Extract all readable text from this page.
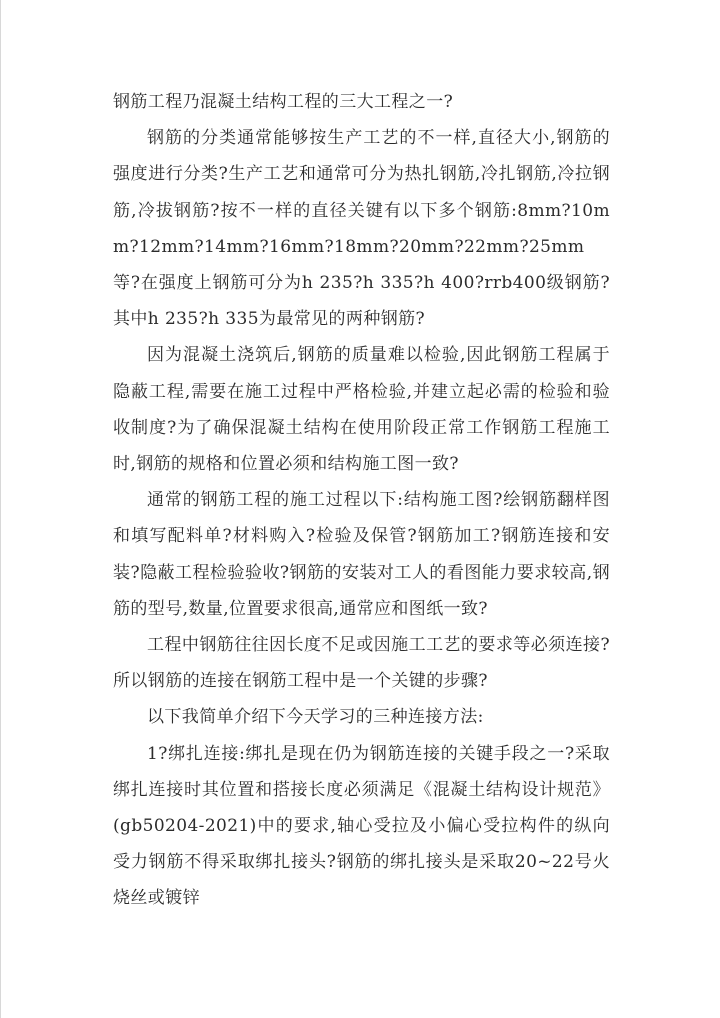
钢筋工程乃混凝土结构工程的三大工程之一?

钢筋的分类通常能够按生产工艺的不一样,直径大小,钢筋的强度进行分类?生产工艺和通常可分为热扎钢筋,冷扎钢筋,冷拉钢筋,冷拔钢筋?按不一样的直径关键有以下多个钢筋:8mm?10mm?12mm?14mm?16mm?18mm?20mm?22mm?25mm等?在强度上钢筋可分为h 235?h 335?h 400?rrb400级钢筋?其中h 235?h 335为最常见的两种钢筋?

因为混凝土浇筑后,钢筋的质量难以检验,因此钢筋工程属于隐蔽工程,需要在施工过程中严格检验,并建立起必需的检验和验收制度?为了确保混凝土结构在使用阶段正常工作钢筋工程施工时,钢筋的规格和位置必须和结构施工图一致?

通常的钢筋工程的施工过程以下:结构施工图?绘钢筋翻样图和填写配料单?材料购入?检验及保管?钢筋加工?钢筋连接和安装?隐蔽工程检验验收?钢筋的安装对工人的看图能力要求较高,钢筋的型号,数量,位置要求很高,通常应和图纸一致?

工程中钢筋往往因长度不足或因施工工艺的要求等必须连接?所以钢筋的连接在钢筋工程中是一个关键的步骤?

以下我简单介绍下今天学习的三种连接方法:

1?绑扎连接:绑扎是现在仍为钢筋连接的关键手段之一?采取绑扎连接时其位置和搭接长度必须满足《混凝土结构设计规范》(gb50204-2021)中的要求,轴心受拉及小偏心受拉构件的纵向受力钢筋不得采取绑扎接头?钢筋的绑扎接头是采取20~22号火烧丝或镀锌
